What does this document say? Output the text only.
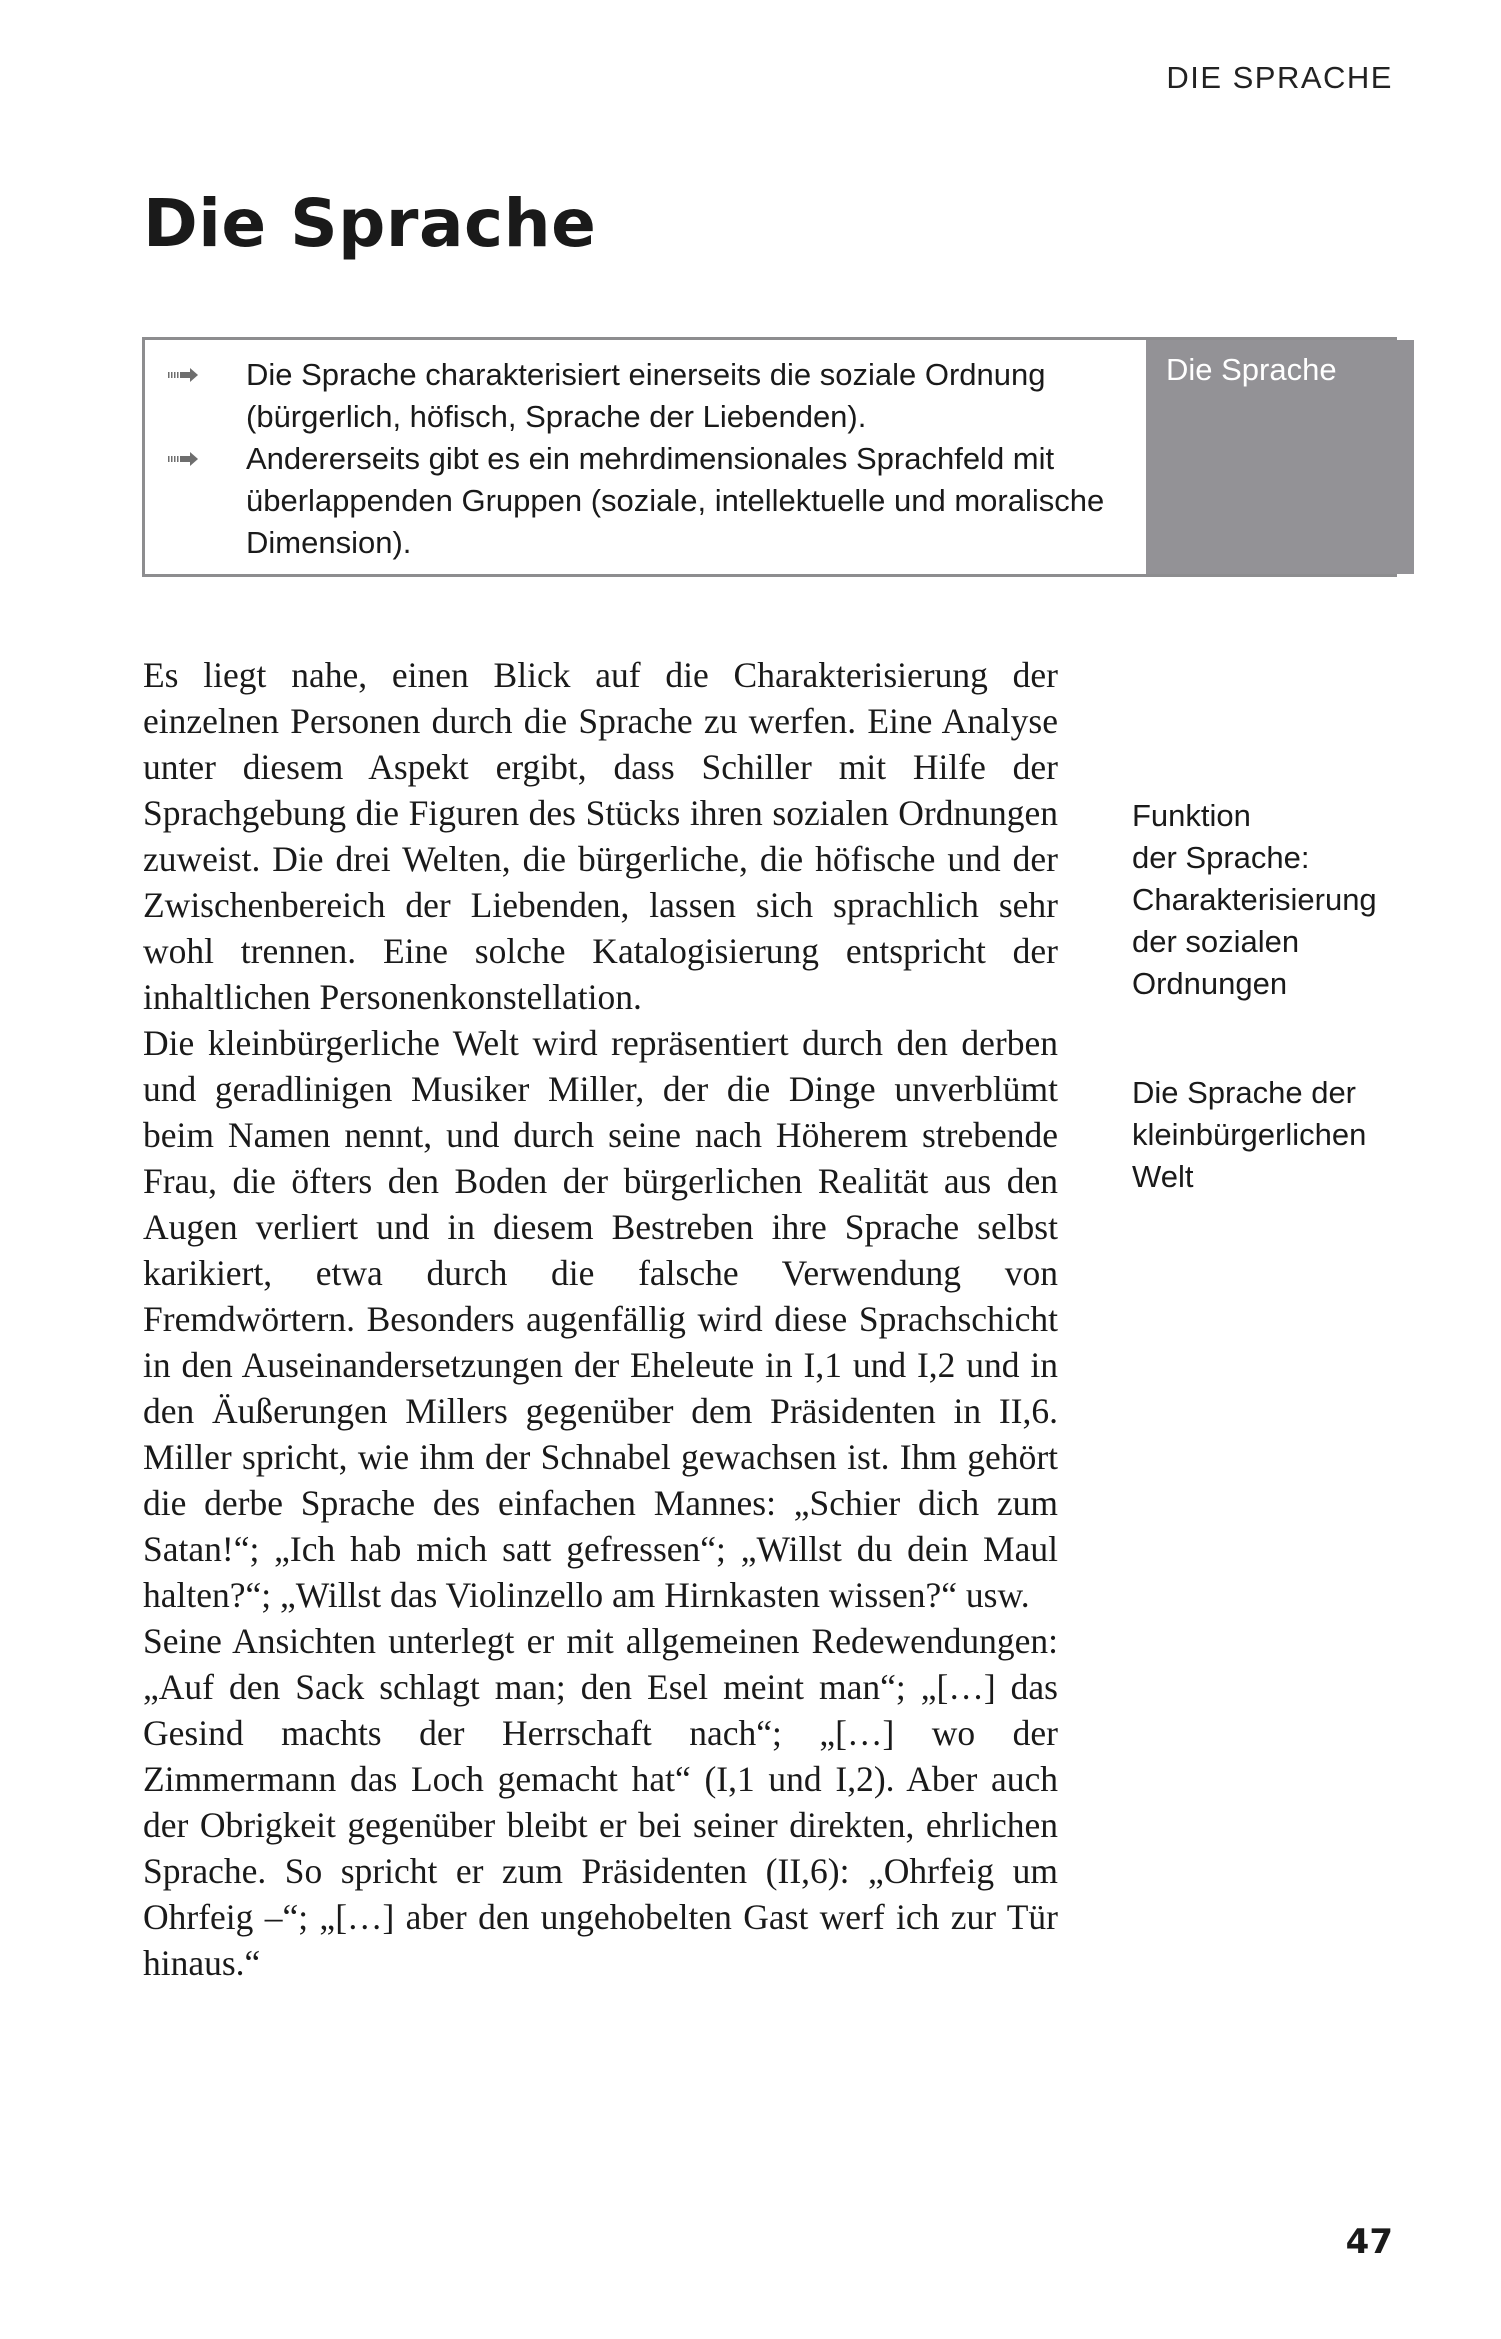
DIE SPRACHE
Die Sprache
Die Sprache charakterisiert einerseits die soziale Ordnung (bürgerlich, höfisch, Sprache der Liebenden).
Andererseits gibt es ein mehrdimensionales Sprachfeld mit überlappenden Gruppen (soziale, intellektuelle und moralische Dimension).
Die Sprache

Es liegt nahe, einen Blick auf die Charakterisierung der einzelnen Personen durch die Sprache zu werfen. Eine Analyse unter diesem Aspekt ergibt, dass Schiller mit Hilfe der Sprachgebung die Figuren des Stücks ihren sozialen Ordnungen zuweist. Die drei Welten, die bürgerliche, die höfische und der Zwischenbereich der Liebenden, lassen sich sprachlich sehr wohl trennen. Eine solche Katalogisierung entspricht der inhaltlichen Personenkonstellation.

Die kleinbürgerliche Welt wird repräsentiert durch den derben und geradlinigen Musiker Miller, der die Dinge unverblümt beim Namen nennt, und durch seine nach Höherem strebende Frau, die öfters den Boden der bürgerlichen Realität aus den Augen verliert und in diesem Bestreben ihre Sprache selbst karikiert, etwa durch die falsche Verwendung von Fremdwörtern. Besonders augenfällig wird diese Sprachschicht in den Auseinandersetzungen der Eheleute in I,1 und I,2 und in den Äußerungen Millers gegenüber dem Präsidenten in II,6. Miller spricht, wie ihm der Schnabel gewachsen ist. Ihm gehört die derbe Sprache des einfachen Mannes: „Schier dich zum Satan!“; „Ich hab mich satt gefressen“; „Willst du dein Maul halten?“; „Willst das Violinzello am Hirnkasten wissen?“ usw.

Seine Ansichten unterlegt er mit allgemeinen Redewendungen: „Auf den Sack schlagt man; den Esel meint man“; „[…] das Gesind machts der Herrschaft nach“; „[…] wo der Zimmermann das Loch gemacht hat“ (I,1 und I,2). Aber auch der Obrigkeit gegenüber bleibt er bei seiner direkten, ehrlichen Sprache. So spricht er zum Präsidenten (II,6): „Ohrfeig um Ohrfeig –“; „[…] aber den ungehobelten Gast werf ich zur Tür hinaus.“

Funktion
der Sprache:
Charakterisierung
der sozialen
Ordnungen
Die Sprache der
kleinbürgerlichen
Welt
47
